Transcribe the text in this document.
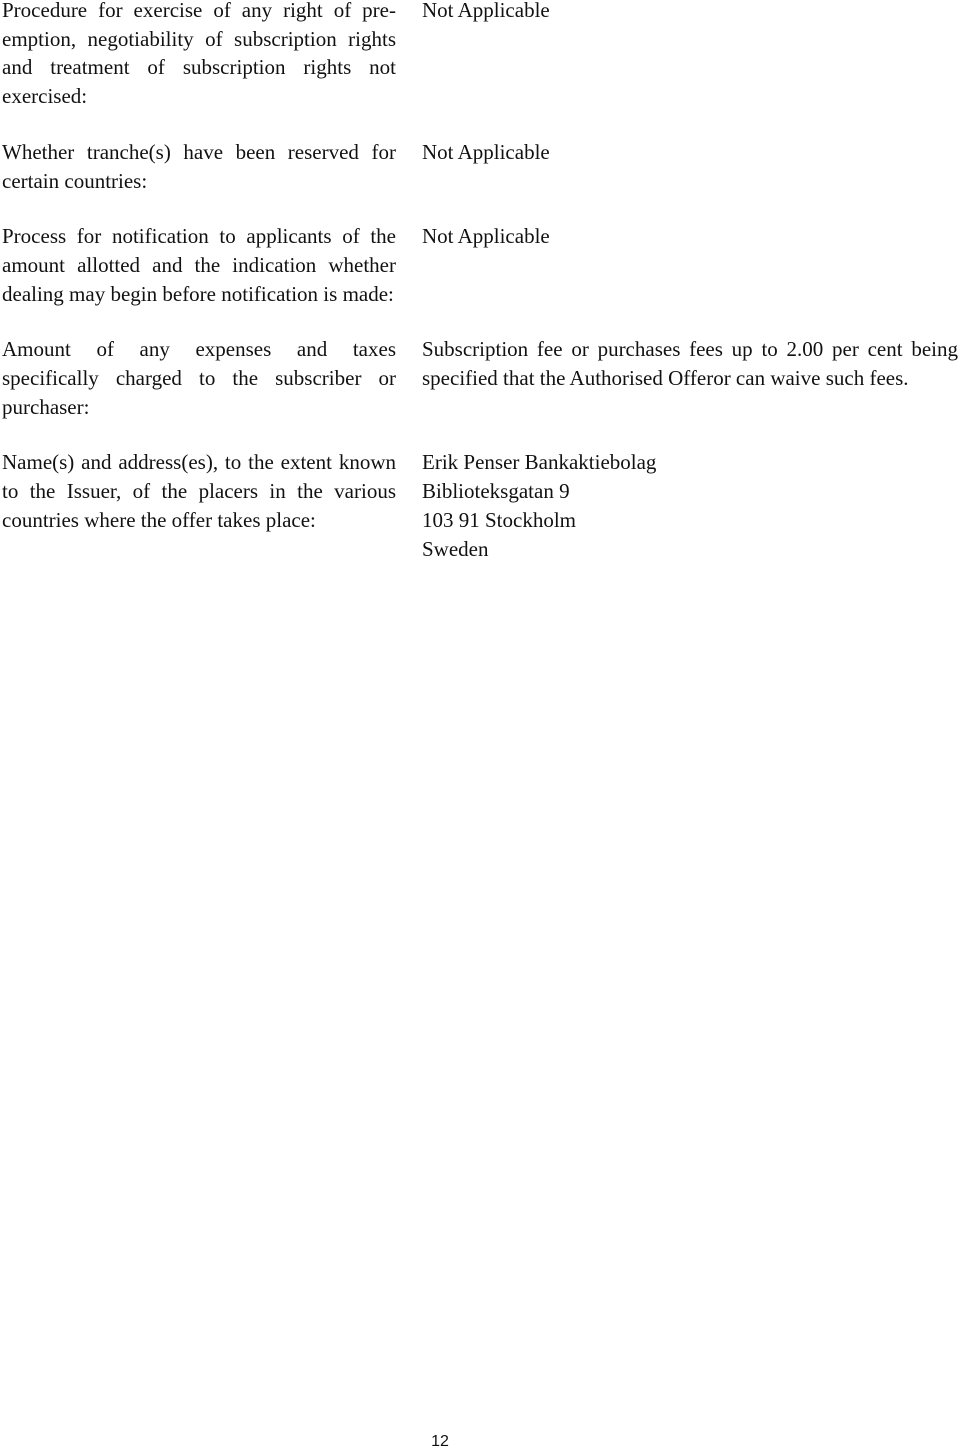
Procedure for exercise of any right of pre-emption, negotiability of subscription rights and treatment of subscription rights not exercised:
Not Applicable
Whether tranche(s) have been reserved for certain countries:
Not Applicable
Process for notification to applicants of the amount allotted and the indication whether dealing may begin before notification is made:
Not Applicable
Amount of any expenses and taxes specifically charged to the subscriber or purchaser:
Subscription fee or purchases fees up to 2.00 per cent being specified that the Authorised Offeror can waive such fees.
Name(s) and address(es), to the extent known to the Issuer, of the placers in the various countries where the offer takes place:
Erik Penser Bankaktiebolag
Biblioteksgatan 9
103 91 Stockholm
Sweden
12
